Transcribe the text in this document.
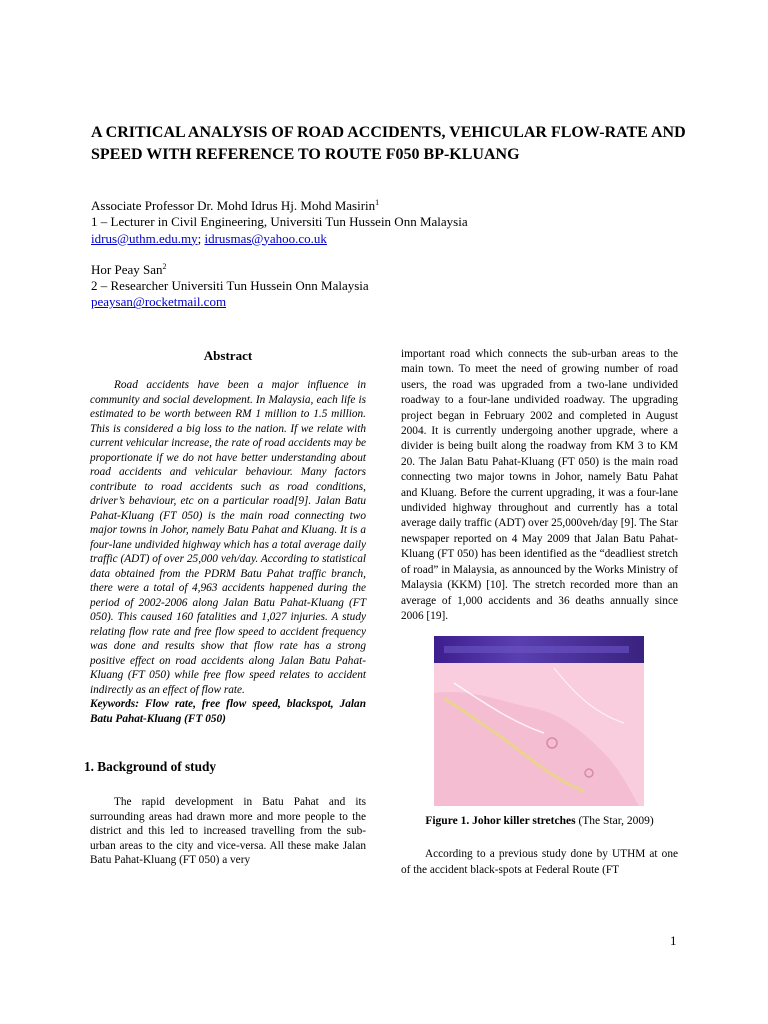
A CRITICAL ANALYSIS OF ROAD ACCIDENTS, VEHICULAR FLOW-RATE AND SPEED WITH REFERENCE TO ROUTE F050 BP-KLUANG
Associate Professor Dr. Mohd Idrus Hj. Mohd Masirin$^1$
1 – Lecturer in Civil Engineering, Universiti Tun Hussein Onn Malaysia
idrus@uthm.edu.my; idrusmas@yahoo.co.uk
Hor Peay San$^2$
2 – Researcher Universiti Tun Hussein Onn Malaysia
peaysan@rocketmail.com
Abstract

Road accidents have been a major influence in community and social development. In Malaysia, each life is estimated to be worth between RM 1 million to 1.5 million. This is considered a big loss to the nation. If we relate with current vehicular increase, the rate of road accidents may be proportionate if we do not have better understanding about road accidents and vehicular behaviour. Many factors contribute to road accidents such as road conditions, driver’s behaviour, etc on a particular road[9]. Jalan Batu Pahat-Kluang (FT 050) is the main road connecting two major towns in Johor, namely Batu Pahat and Kluang. It is a four-lane undivided highway which has a total average daily traffic (ADT) of over 25,000 veh/day. According to statistical data obtained from the PDRM Batu Pahat traffic branch, there were a total of 4,963 accidents happened during the period of 2002-2006 along Jalan Batu Pahat-Kluang (FT 050). This caused 160 fatalities and 1,027 injuries. A study relating flow rate and free flow speed to accident frequency was done and results show that flow rate has a strong positive effect on road accidents along Jalan Batu Pahat-Kluang (FT 050) while free flow speed relates to accident indirectly as an effect of flow rate.

Keywords: Flow rate, free flow speed, blackspot, Jalan Batu Pahat-Kluang (FT 050)

1. Background of study

The rapid development in Batu Pahat and its surrounding areas had drawn more and more people to the district and this led to increased travelling from the sub-urban areas to the city and vice-versa. All these make Jalan Batu Pahat-Kluang (FT 050) a very

important road which connects the sub-urban areas to the main town. To meet the need of growing number of road users, the road was upgraded from a two-lane undivided roadway to a four-lane undivided roadway. The upgrading project began in February 2002 and completed in August 2004. It is currently undergoing another upgrade, where a divider is being built along the roadway from KM 3 to KM 20. The Jalan Batu Pahat-Kluang (FT 050) is the main road connecting two major towns in Johor, namely Batu Pahat and Kluang. Before the current upgrading, it was a four-lane undivided highway throughout and currently has a total average daily traffic (ADT) over 25,000veh/day [9]. The Star newspaper reported on 4 May 2009 that Jalan Batu Pahat-Kluang (FT 050) has been identified as the “deadliest stretch of road” in Malaysia, as announced by the Works Ministry of Malaysia (KKM) [10]. The stretch recorded more than an average of 1,000 accidents and 36 deaths annually since 2006 [19].

Figure 1. Johor killer stretches (The Star, 2009)

According to a previous study done by UTHM at one of the accident black-spots at Federal Route (FT

1
